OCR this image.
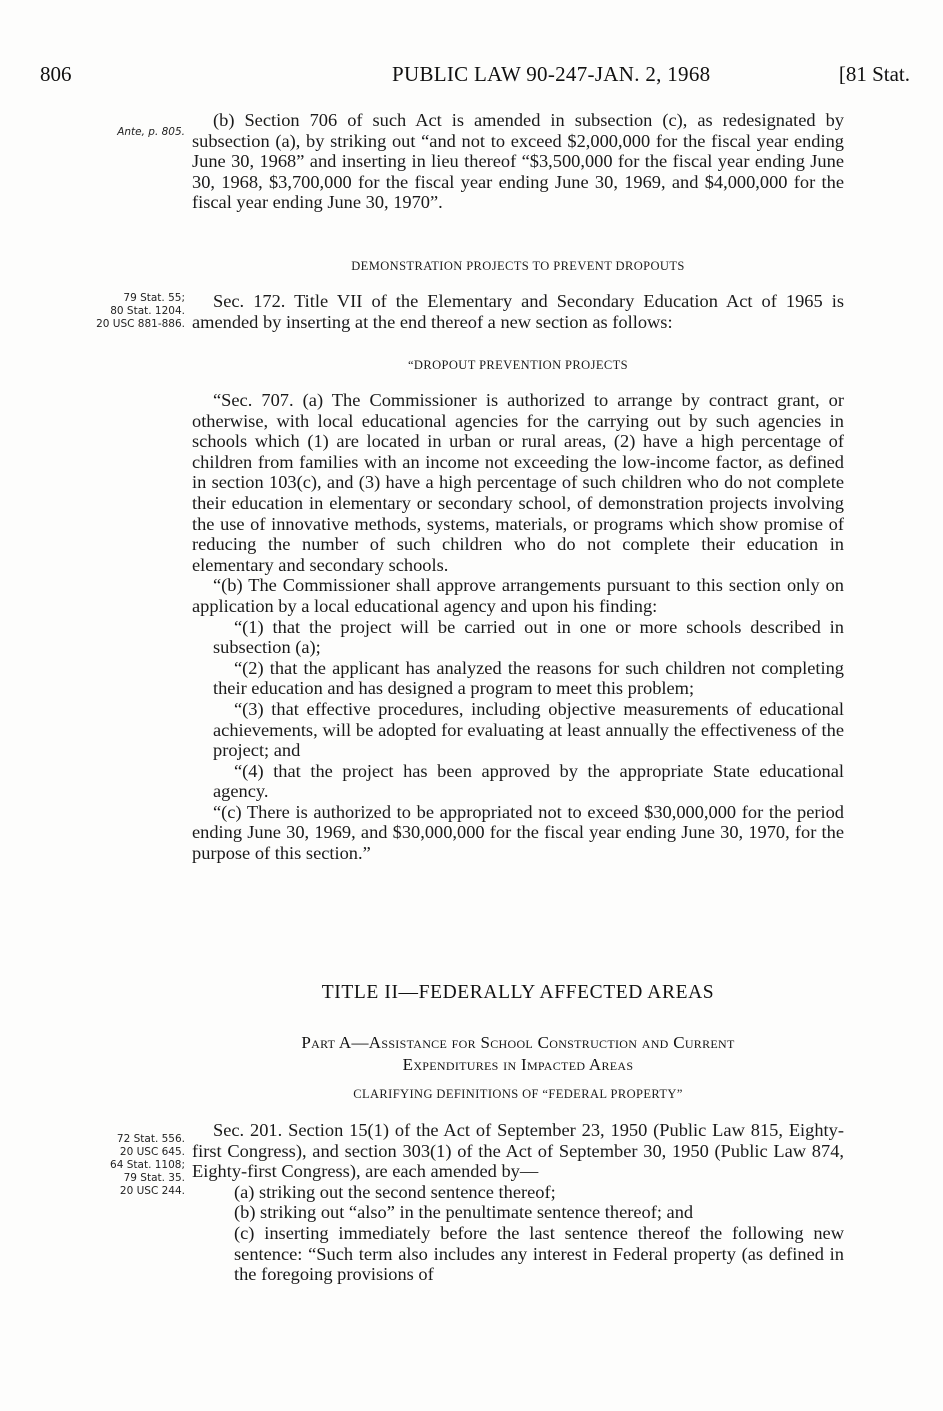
806	PUBLIC LAW 90-247-JAN. 2, 1968	[81 Stat.
Ante, p. 805.
79 Stat. 55;
80 Stat. 1204.
20 USC 881-886.
72 Stat. 556.
20 USC 645.
64 Stat. 1108;
79 Stat. 35.
20 USC 244.

(b) Section 706 of such Act is amended in subsection (c), as redesignated by subsection (a), by striking out “and not to exceed $2,000,000 for the fiscal year ending June 30, 1968” and inserting in lieu thereof “$3,500,000 for the fiscal year ending June 30, 1968, $3,700,000 for the fiscal year ending June 30, 1969, and $4,000,000 for the fiscal year ending June 30, 1970”.

DEMONSTRATION PROJECTS TO PREVENT DROPOUTS

Sec. 172. Title VII of the Elementary and Secondary Education Act of 1965 is amended by inserting at the end thereof a new section as follows:

“DROPOUT PREVENTION PROJECTS

“Sec. 707. (a) The Commissioner is authorized to arrange by contract grant, or otherwise, with local educational agencies for the carrying out by such agencies in schools which (1) are located in urban or rural areas, (2) have a high percentage of children from families with an income not exceeding the low-income factor, as defined in section 103(c), and (3) have a high percentage of such children who do not complete their education in elementary or secondary school, of demonstration projects involving the use of innovative methods, systems, materials, or programs which show promise of reducing the number of such children who do not complete their education in elementary and secondary schools.

“(b) The Commissioner shall approve arrangements pursuant to this section only on application by a local educational agency and upon his finding:

“(1) that the project will be carried out in one or more schools described in subsection (a);

“(2) that the applicant has analyzed the reasons for such children not completing their education and has designed a program to meet this problem;

“(3) that effective procedures, including objective measurements of educational achievements, will be adopted for evaluating at least annually the effectiveness of the project; and

“(4) that the project has been approved by the appropriate State educational agency.

“(c) There is authorized to be appropriated not to exceed $30,000,000 for the period ending June 30, 1969, and $30,000,000 for the fiscal year ending June 30, 1970, for the purpose of this section.”

TITLE II—FEDERALLY AFFECTED AREAS
Part A—Assistance for School Construction and Current
Expenditures in Impacted Areas
CLARIFYING DEFINITIONS OF “FEDERAL PROPERTY”

Sec. 201. Section 15(1) of the Act of September 23, 1950 (Public Law 815, Eighty-first Congress), and section 303(1) of the Act of September 30, 1950 (Public Law 874, Eighty-first Congress), are each amended by—

(a) striking out the second sentence thereof;

(b) striking out “also” in the penultimate sentence thereof; and

(c) inserting immediately before the last sentence thereof the following new sentence: “Such term also includes any interest in Federal property (as defined in the foregoing provisions of
